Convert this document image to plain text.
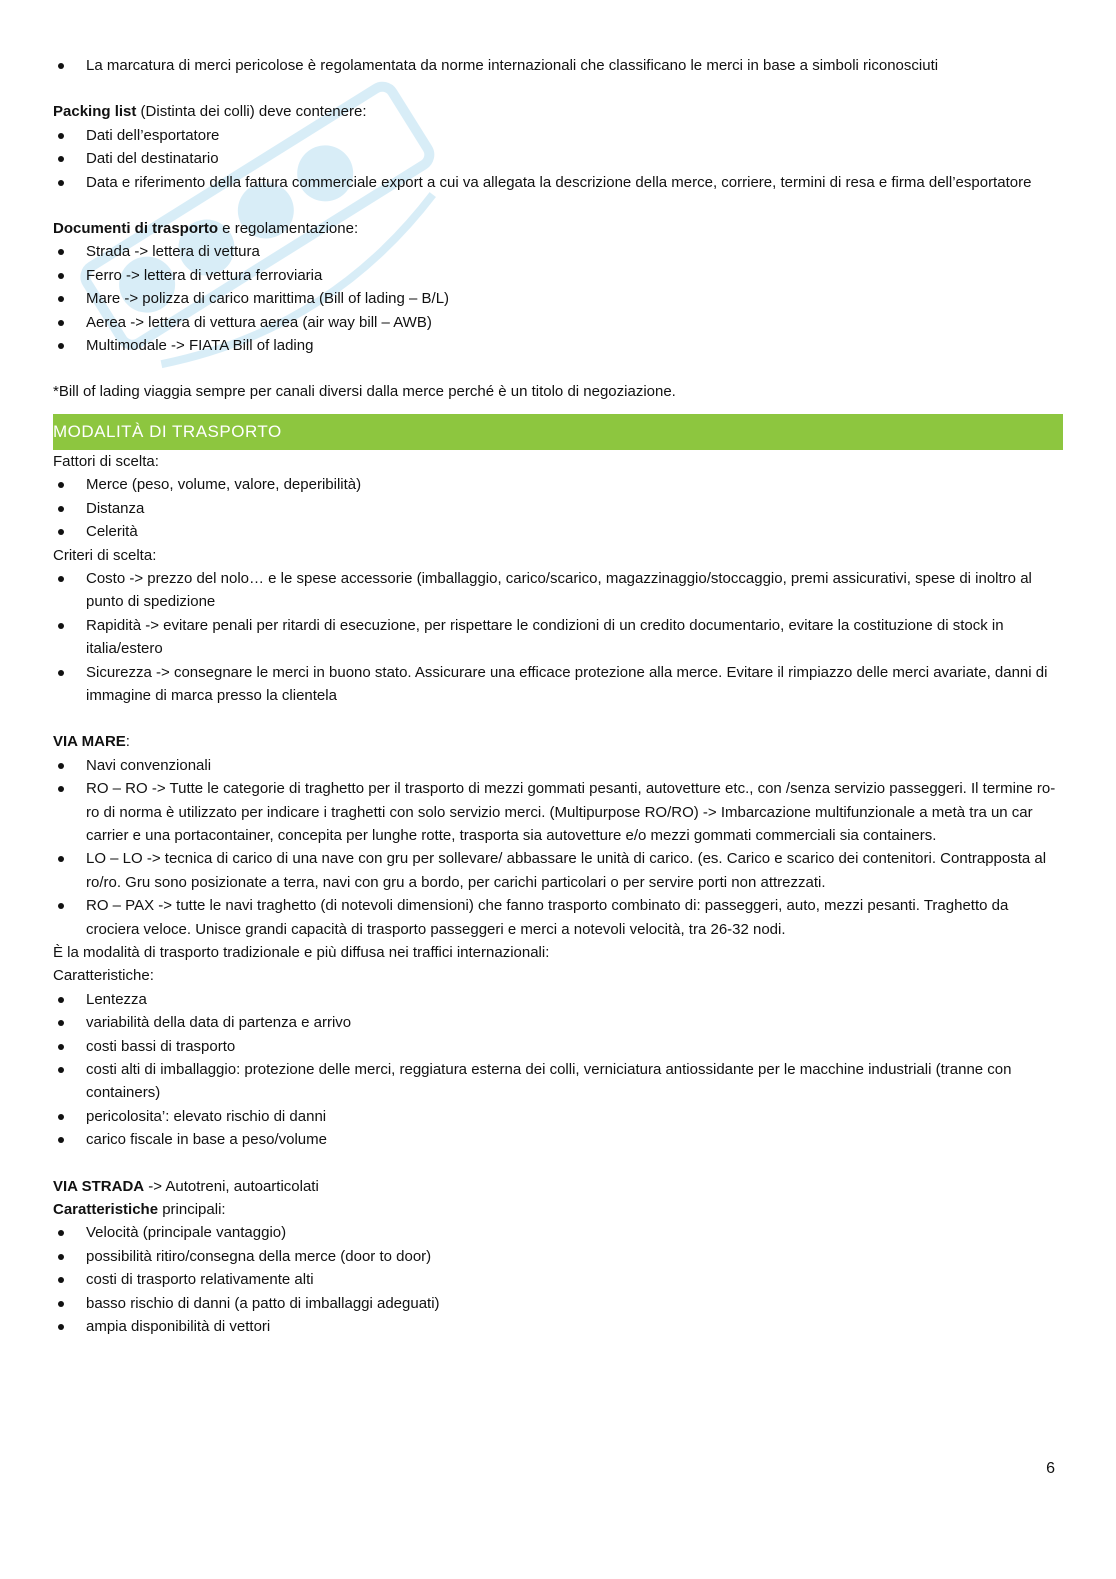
La marcatura di merci pericolose è regolamentata da norme internazionali che classificano le merci in base a simboli riconosciuti

Packing list (Distinta dei colli) deve contenere:

Dati dell’esportatore
Dati del destinatario
Data e riferimento della fattura commerciale export a cui va allegata la descrizione della merce, corriere, termini di resa e firma dell’esportatore

Documenti di trasporto e regolamentazione:

Strada -> lettera di vettura
Ferro -> lettera di vettura ferroviaria
Mare -> polizza di carico marittima (Bill of lading – B/L)
Aerea -> lettera di vettura aerea (air way bill – AWB)
Multimodale -> FIATA Bill of lading

*Bill of lading viaggia sempre per canali diversi dalla merce perché è un titolo di negoziazione.

MODALITÀ DI TRASPORTO

Fattori di scelta:

Merce (peso, volume, valore, deperibilità)
Distanza
Celerità

Criteri di scelta:

Costo -> prezzo del nolo… e le spese accessorie (imballaggio, carico/scarico, magazzinaggio/stoccaggio, premi assicurativi, spese di inoltro al punto di spedizione
Rapidità -> evitare penali per ritardi di esecuzione, per rispettare le condizioni di un credito documentario, evitare la costituzione di stock in italia/estero
Sicurezza -> consegnare le merci in buono stato. Assicurare una efficace protezione alla merce. Evitare il rimpiazzo delle merci avariate, danni di immagine di marca presso la clientela

VIA MARE:

Navi convenzionali
RO – RO -> Tutte le categorie di traghetto per il trasporto di mezzi gommati pesanti, autovetture etc., con /senza servizio passeggeri. Il termine ro-ro di norma è utilizzato per indicare i traghetti con solo servizio merci. (Multipurpose RO/RO) -> Imbarcazione multifunzionale a metà tra un car carrier e una portacontainer, concepita per lunghe rotte, trasporta sia autovetture e/o mezzi gommati commerciali sia containers.
LO – LO -> tecnica di carico di una nave con gru per sollevare/ abbassare le unità di carico. (es. Carico e scarico dei contenitori. Contrapposta al ro/ro. Gru sono posizionate a terra, navi con gru a bordo, per carichi particolari o per servire porti non attrezzati.
RO – PAX -> tutte le navi traghetto (di notevoli dimensioni) che fanno trasporto combinato di: passeggeri, auto, mezzi pesanti. Traghetto da crociera veloce. Unisce grandi capacità di trasporto passeggeri e merci a notevoli velocità, tra 26-32 nodi.

È la modalità di trasporto tradizionale e più diffusa nei traffici internazionali:

Caratteristiche:

Lentezza
variabilità della data di partenza e arrivo
costi bassi di trasporto
costi alti di imballaggio: protezione delle merci, reggiatura esterna dei colli, verniciatura antiossidante per le macchine industriali (tranne con containers)
pericolosita’: elevato rischio di danni
carico fiscale in base a peso/volume

VIA STRADA -> Autotreni, autoarticolati

Caratteristiche principali:

Velocità (principale vantaggio)
possibilità ritiro/consegna della merce (door to door)
costi di trasporto relativamente alti
basso rischio di danni (a patto di imballaggi adeguati)
ampia disponibilità di vettori
6
